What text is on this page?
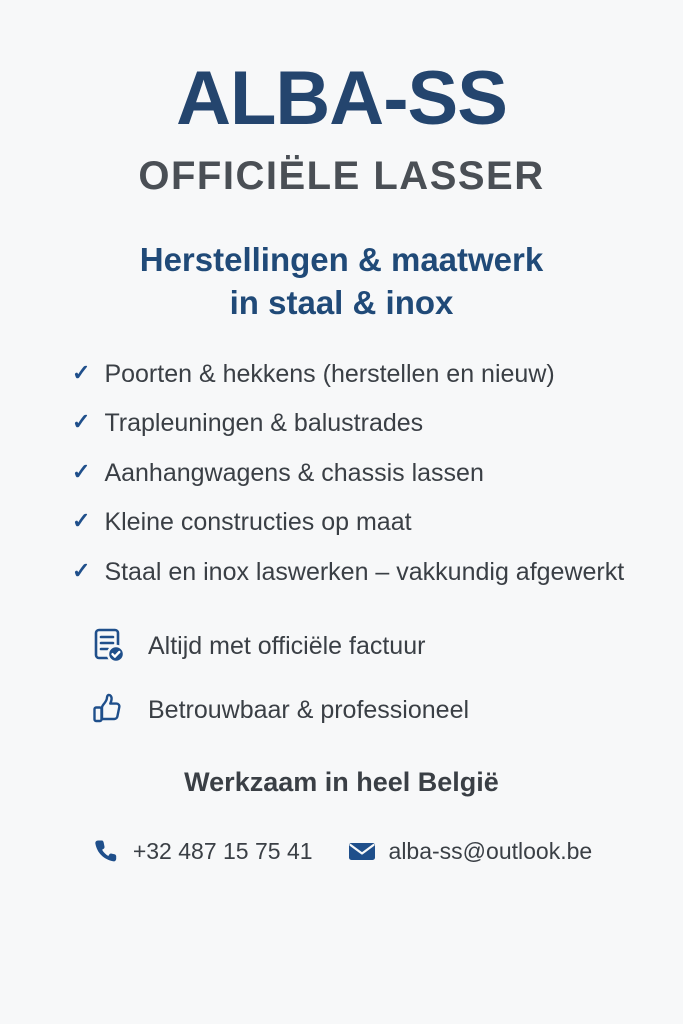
ALBA-SS
OFFICIËLE LASSER
Herstellingen & maatwerk
in staal & inox
✓ Poorten & hekkens (herstellen en nieuw)
✓ Trapleuningen & balustrades
✓ Aanhangwagens & chassis lassen
✓ Kleine constructies op maat
✓ Staal en inox laswerken – vakkundig afgewerkt
Altijd met officiële factuur
Betrouwbaar & professioneel
Werkzaam in heel België
+32 487 15 75 41	alba-ss@outlook.be
